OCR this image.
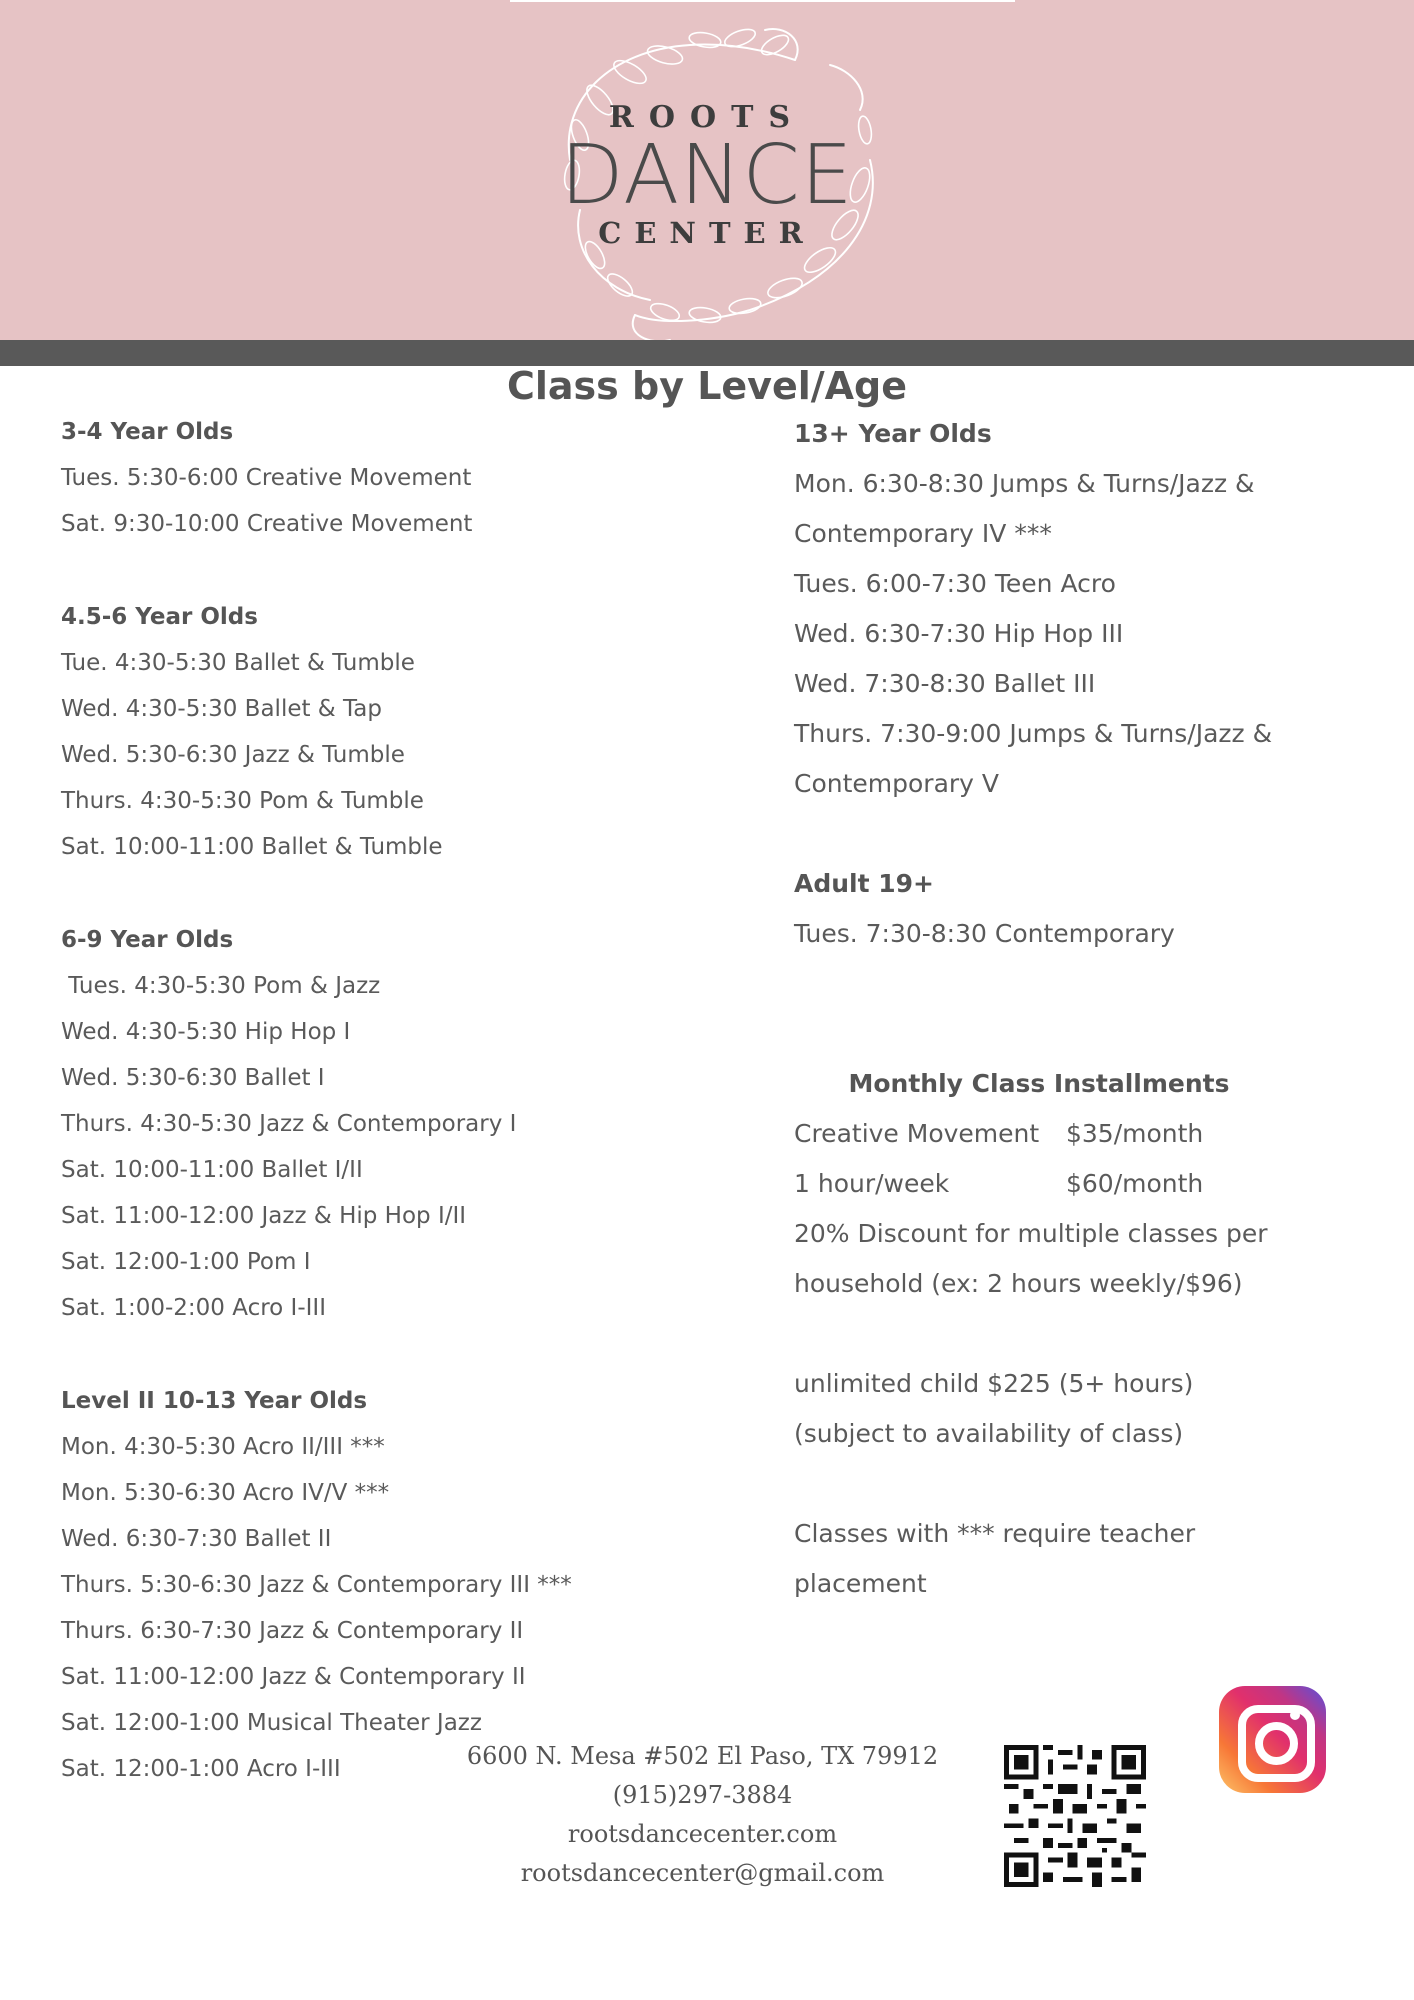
ROOTS
DANCE
CENTER
Class by Level/Age
3-4 Year Olds
Tues. 5:30-6:00 Creative Movement
Sat. 9:30-10:00 Creative Movement
4.5-6 Year Olds
Tue. 4:30-5:30 Ballet & Tumble
Wed. 4:30-5:30 Ballet & Tap
Wed. 5:30-6:30 Jazz & Tumble
Thurs. 4:30-5:30 Pom & Tumble
Sat. 10:00-11:00 Ballet & Tumble
6-9 Year Olds
Tues. 4:30-5:30 Pom & Jazz
Wed. 4:30-5:30 Hip Hop I
Wed. 5:30-6:30 Ballet I
Thurs. 4:30-5:30 Jazz & Contemporary I
Sat. 10:00-11:00 Ballet I/II
Sat. 11:00-12:00 Jazz & Hip Hop I/II
Sat. 12:00-1:00 Pom I
Sat. 1:00-2:00 Acro I-III
Level II 10-13 Year Olds
Mon. 4:30-5:30 Acro II/III ***
Mon. 5:30-6:30 Acro IV/V ***
Wed. 6:30-7:30 Ballet II
Thurs. 5:30-6:30 Jazz & Contemporary III ***
Thurs. 6:30-7:30 Jazz & Contemporary II
Sat. 11:00-12:00 Jazz & Contemporary II
Sat. 12:00-1:00 Musical Theater Jazz
Sat. 12:00-1:00 Acro I-III
13+ Year Olds
Mon. 6:30-8:30 Jumps & Turns/Jazz &
Contemporary IV ***
Tues. 6:00-7:30 Teen Acro
Wed. 6:30-7:30 Hip Hop III
Wed. 7:30-8:30 Ballet III
Thurs. 7:30-9:00 Jumps & Turns/Jazz &
Contemporary V
Adult 19+
Tues. 7:30-8:30 Contemporary
Monthly Class Installments
Creative Movement	$35/month
1 hour/week	$60/month
20% Discount for multiple classes per
household (ex: 2 hours weekly/$96)
unlimited child $225 (5+ hours)
(subject to availability of class)
Classes with *** require teacher
placement
6600 N. Mesa #502 El Paso, TX 79912
(915)297-3884
rootsdancecenter.com
rootsdancecenter@gmail.com
